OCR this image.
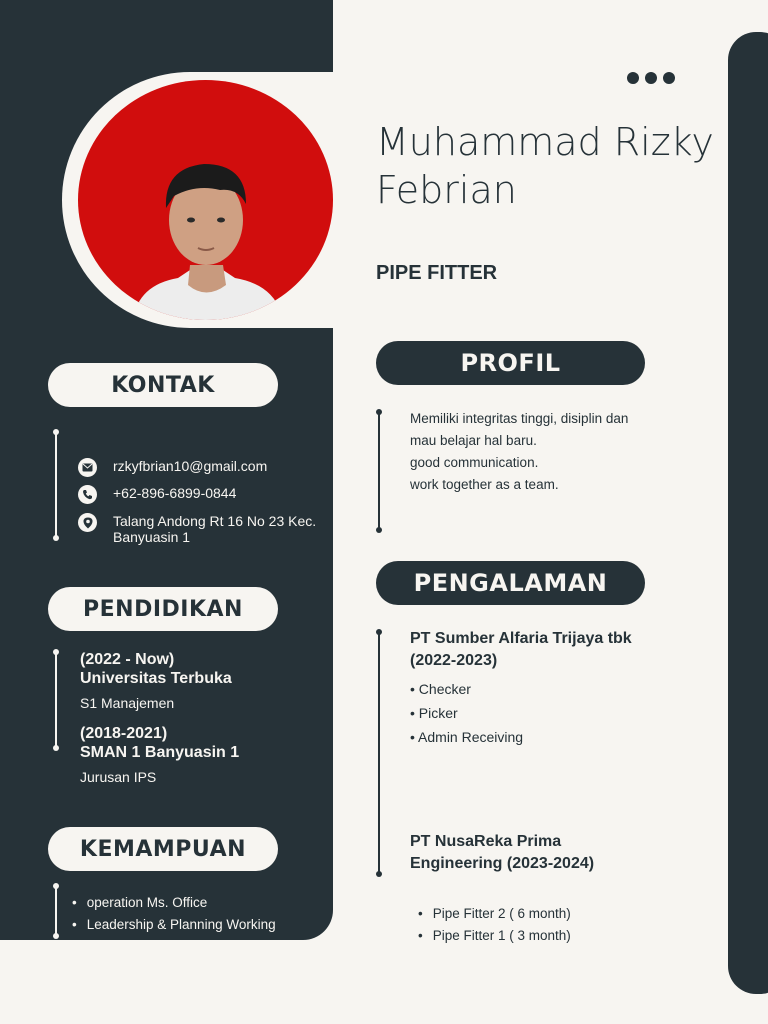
Muhammad Rizky
Febrian
PIPE FITTER
KONTAK
rzkyfbrian10@gmail.com
+62-896-6899-0844
Talang Andong Rt 16 No 23 Kec. Banyuasin 1
PENDIDIKAN
(2022 - Now)
Universitas Terbuka
S1 Manajemen
(2018-2021)
SMAN 1 Banyuasin 1
Jurusan IPS
KEMAMPUAN
• operation Ms. Office
• Leadership & Planning Working
PROFIL
Memiliki integritas tinggi, disiplin dan
mau belajar hal baru.
good communication.
work together as a team.
PENGALAMAN
PT Sumber Alfaria Trijaya tbk
(2022-2023)
• Checker
• Picker
• Admin Receiving
PT NusaReka Prima
Engineering (2023-2024)
• Pipe Fitter 2 ( 6 month)
• Pipe Fitter 1 ( 3 month)
